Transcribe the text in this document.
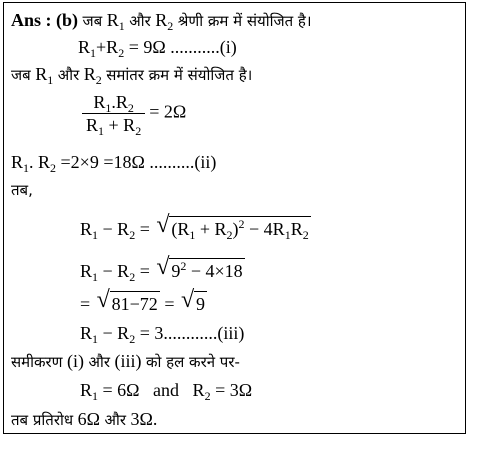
Ans : (b) जब $R_1$ और $R_2$ श्रेणी क्रम में संयोजित है।
$R_1+R_2 = 9\Omega$ ...........(i)
जब $R_1$ और $R_2$ समांतर क्रम में संयोजित है।
$\frac{R_1.R_2}{R_1 + R_2} = 2\Omega$
$R_1$. $R_2 =2\times 9 =18\Omega$ ..........(ii)
तब,
$R_1 - R_2$ = √ $(R_1 + R_2)^2 - 4R_1R_2$
$R_1 - R_2$ = √ $9^2 - 4\times 18$
= √ 81−72 = √ 9
$R_1 - R_2 = 3............(iii)$
समीकरण (i) और (iii) को हल करने पर-
$R_1 = 6\Omega$ and $R_2 = 3\Omega$
तब प्रतिरोध 6Ω और 3Ω.
